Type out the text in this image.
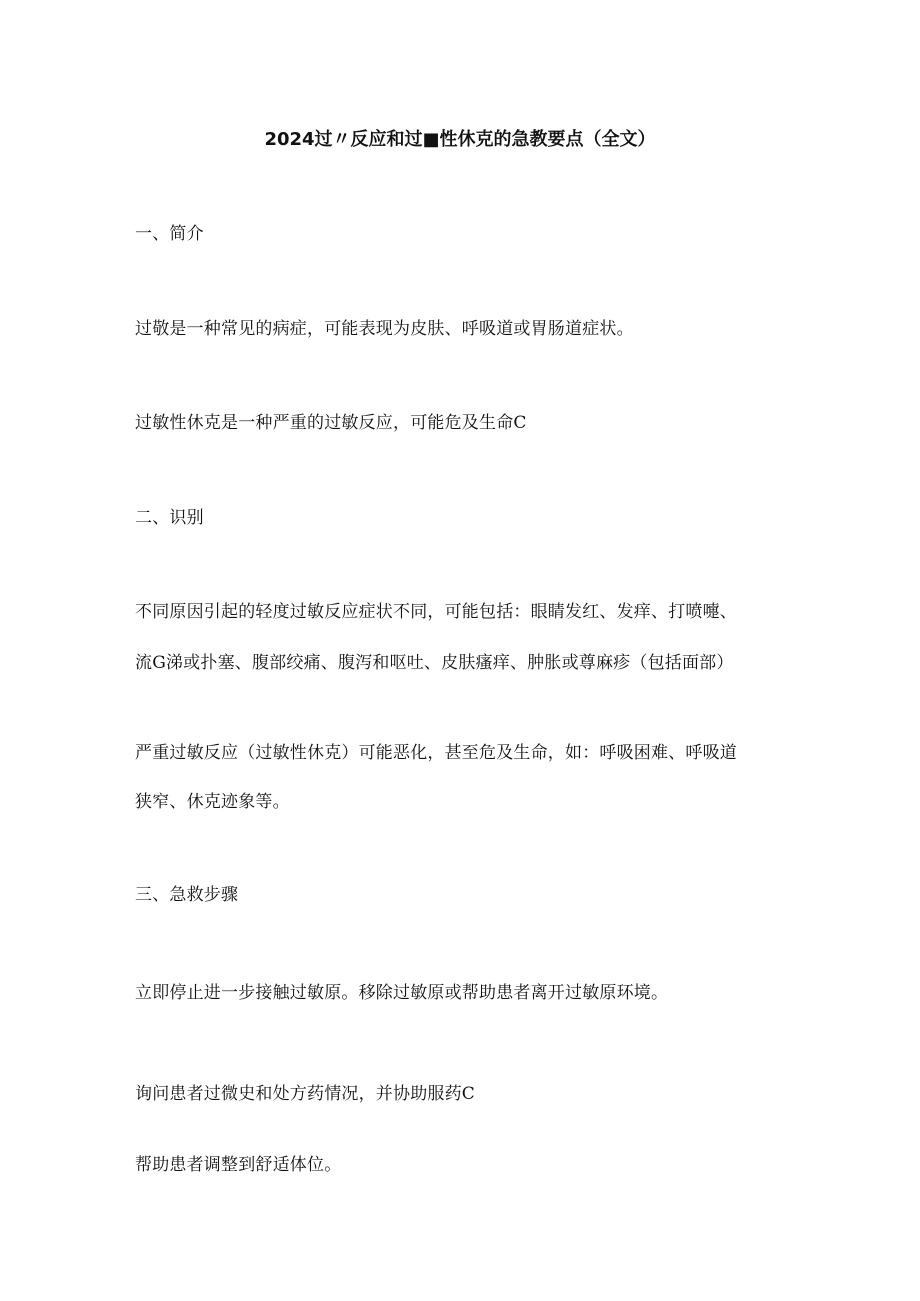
2024过〃反应和过■性休克的急教要点（全文）
一、简介
过敬是一种常见的病症，可能表现为皮肤、呼吸道或胃肠道症状。
过敏性休克是一种严重的过敏反应，可能危及生命C
二、识别
不同原因引起的轻度过敏反应症状不同，可能包括：眼睛发红、发痒、打喷嚏、
流G涕或扑塞、腹部绞痛、腹泻和呕吐、皮肤瘙痒、肿胀或尊麻疹（包括面部）
严重过敏反应（过敏性休克）可能恶化，甚至危及生命，如：呼吸困难、呼吸道
狭窄、休克迹象等。
三、急救步骤
立即停止进一步接触过敏原。移除过敏原或帮助患者离开过敏原环境。
询问患者过微史和处方药情况，并协助服药C
帮助患者调整到舒适体位。
